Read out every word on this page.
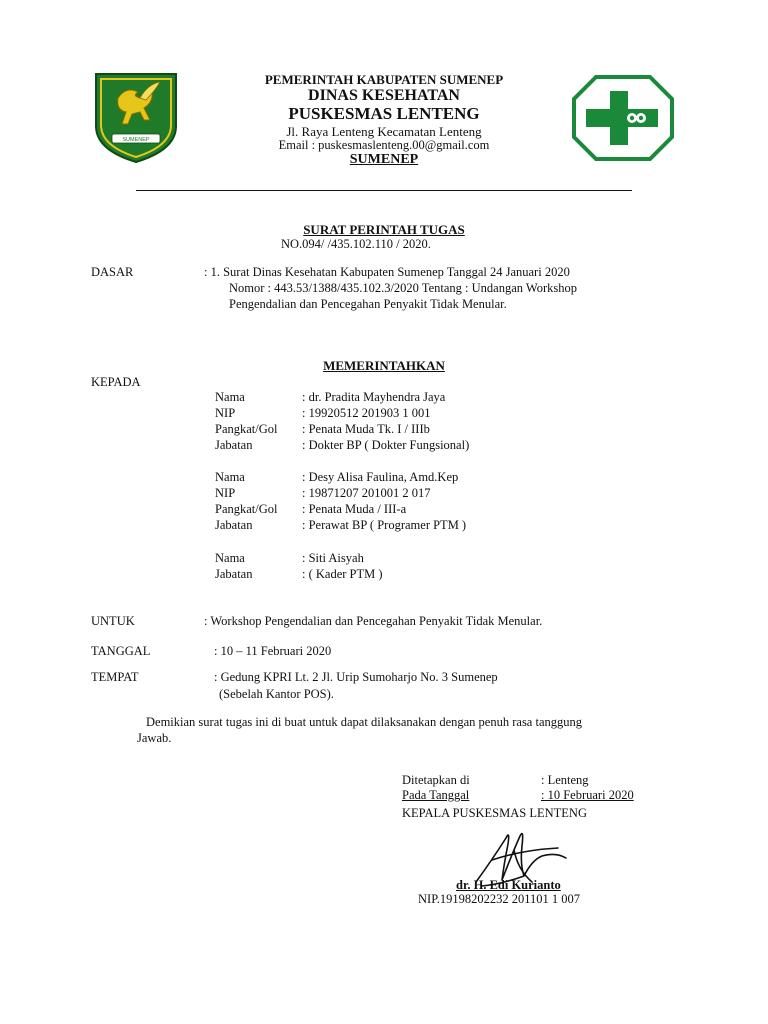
SUMENEP
PEMERINTAH KABUPATEN SUMENEP
DINAS KESEHATAN
PUSKESMAS LENTENG
Jl. Raya Lenteng Kecamatan Lenteng
Email : puskesmaslenteng.00@gmail.com
SUMENEP
SURAT PERINTAH TUGAS
NO.094/ /435.102.110 / 2020.
DASAR	: 1. Surat Dinas Kesehatan Kabupaten Sumenep Tanggal 24 Januari 2020
Nomor : 443.53/1388/435.102.3/2020 Tentang : Undangan Workshop
Pengendalian dan Pencegahan Penyakit Tidak Menular.
MEMERINTAHKAN
KEPADA
Nama	: dr. Pradita Mayhendra Jaya
NIP	: 19920512 201903 1 001
Pangkat/Gol : Penata Muda Tk. I / IIIb
Jabatan	: Dokter BP ( Dokter Fungsional)
Nama	: Desy Alisa Faulina, Amd.Kep
NIP	: 19871207 201001 2 017
Pangkat/Gol : Penata Muda / III-a
Jabatan	: Perawat BP ( Programer PTM )
Nama	: Siti Aisyah
Jabatan	: ( Kader PTM )
UNTUK	: Workshop Pengendalian dan Pencegahan Penyakit Tidak Menular.
TANGGAL	: 10 – 11 Februari 2020
TEMPAT	: Gedung KPRI Lt. 2 Jl. Urip Sumoharjo No. 3 Sumenep
(Sebelah Kantor POS).
Demikian surat tugas ini di buat untuk dapat dilaksanakan dengan penuh rasa tanggung
Jawab.
Ditetapkan di	: Lenteng
Pada Tanggal	: 10 Februari 2020
KEPALA PUSKESMAS LENTENG
dr. H. Edi Kurianto
NIP.19198202232 201101 1 007
